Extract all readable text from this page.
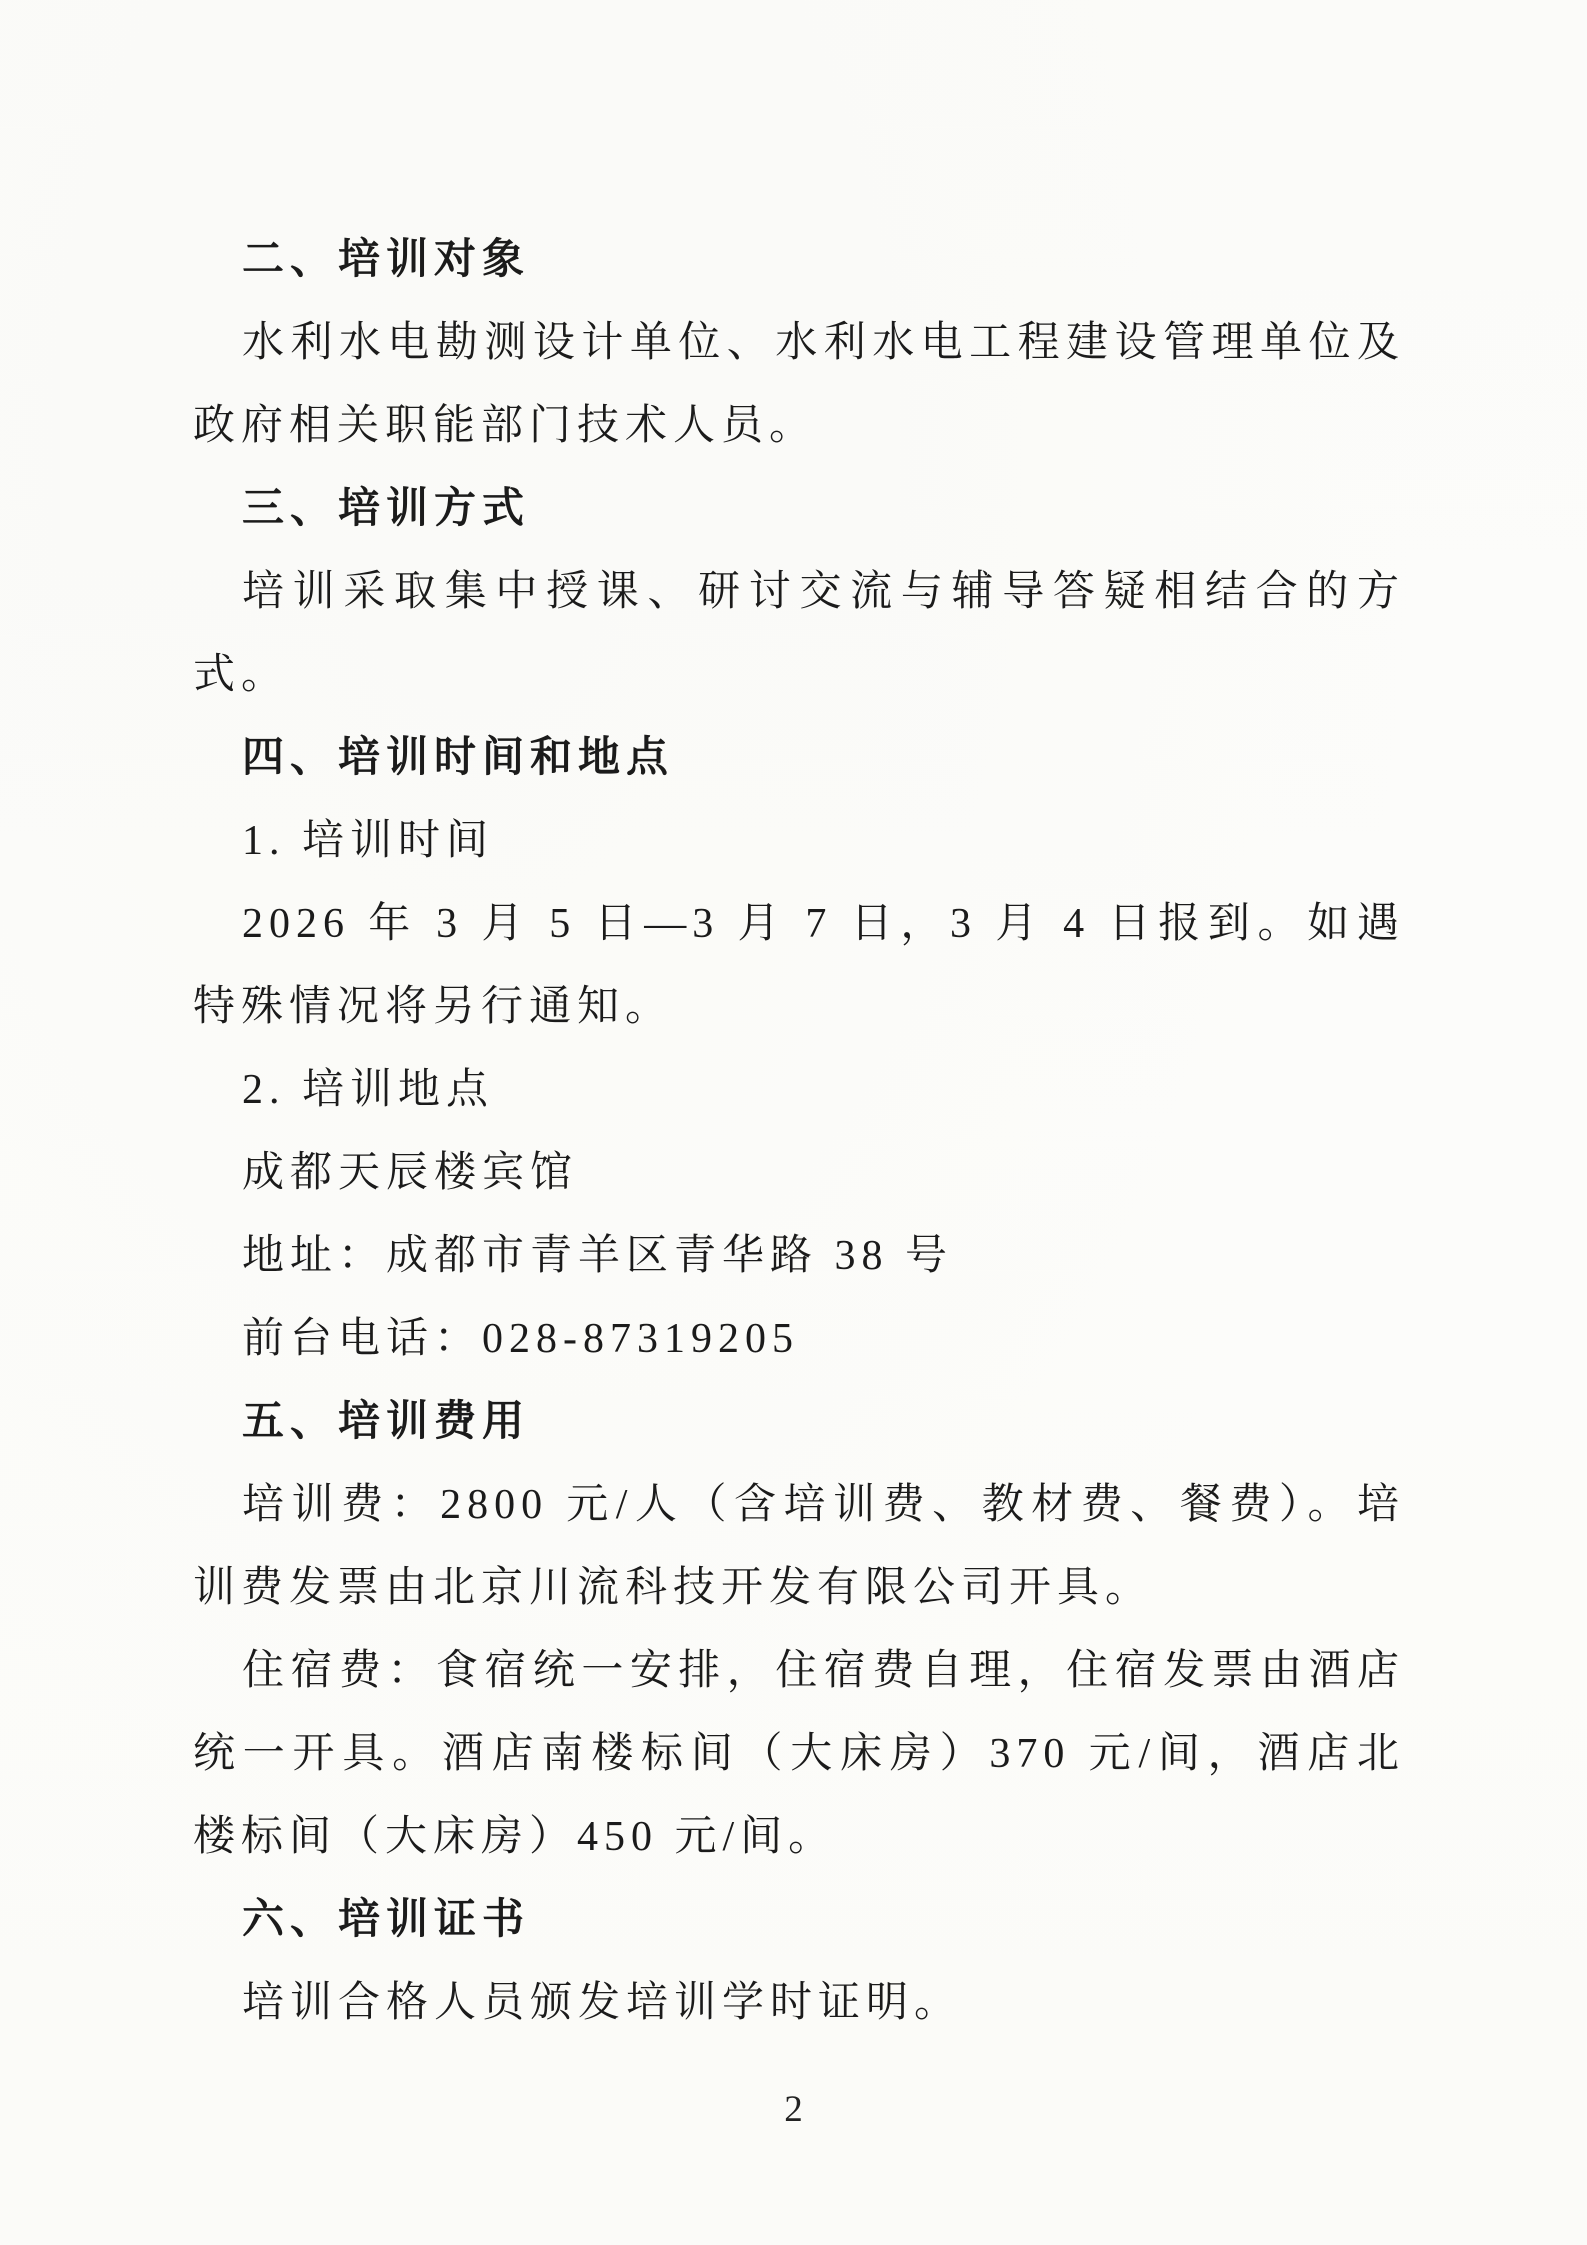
二、培训对象

水利水电勘测设计单位、水利水电工程建设管理单位及政府相关职能部门技术人员。

三、培训方式

培训采取集中授课、研讨交流与辅导答疑相结合的方式。

四、培训时间和地点

1. 培训时间

2026 年 3 月 5 日—3 月 7 日，3 月 4 日报到。如遇特殊情况将另行通知。

2. 培训地点

成都天辰楼宾馆

地址：成都市青羊区青华路 38 号

前台电话：028-87319205

五、培训费用

培训费：2800 元/人（含培训费、教材费、餐费）。培训费发票由北京川流科技开发有限公司开具。

住宿费：食宿统一安排，住宿费自理，住宿发票由酒店统一开具。酒店南楼标间（大床房）370 元/间，酒店北楼标间（大床房）450 元/间。

六、培训证书

培训合格人员颁发培训学时证明。

2
